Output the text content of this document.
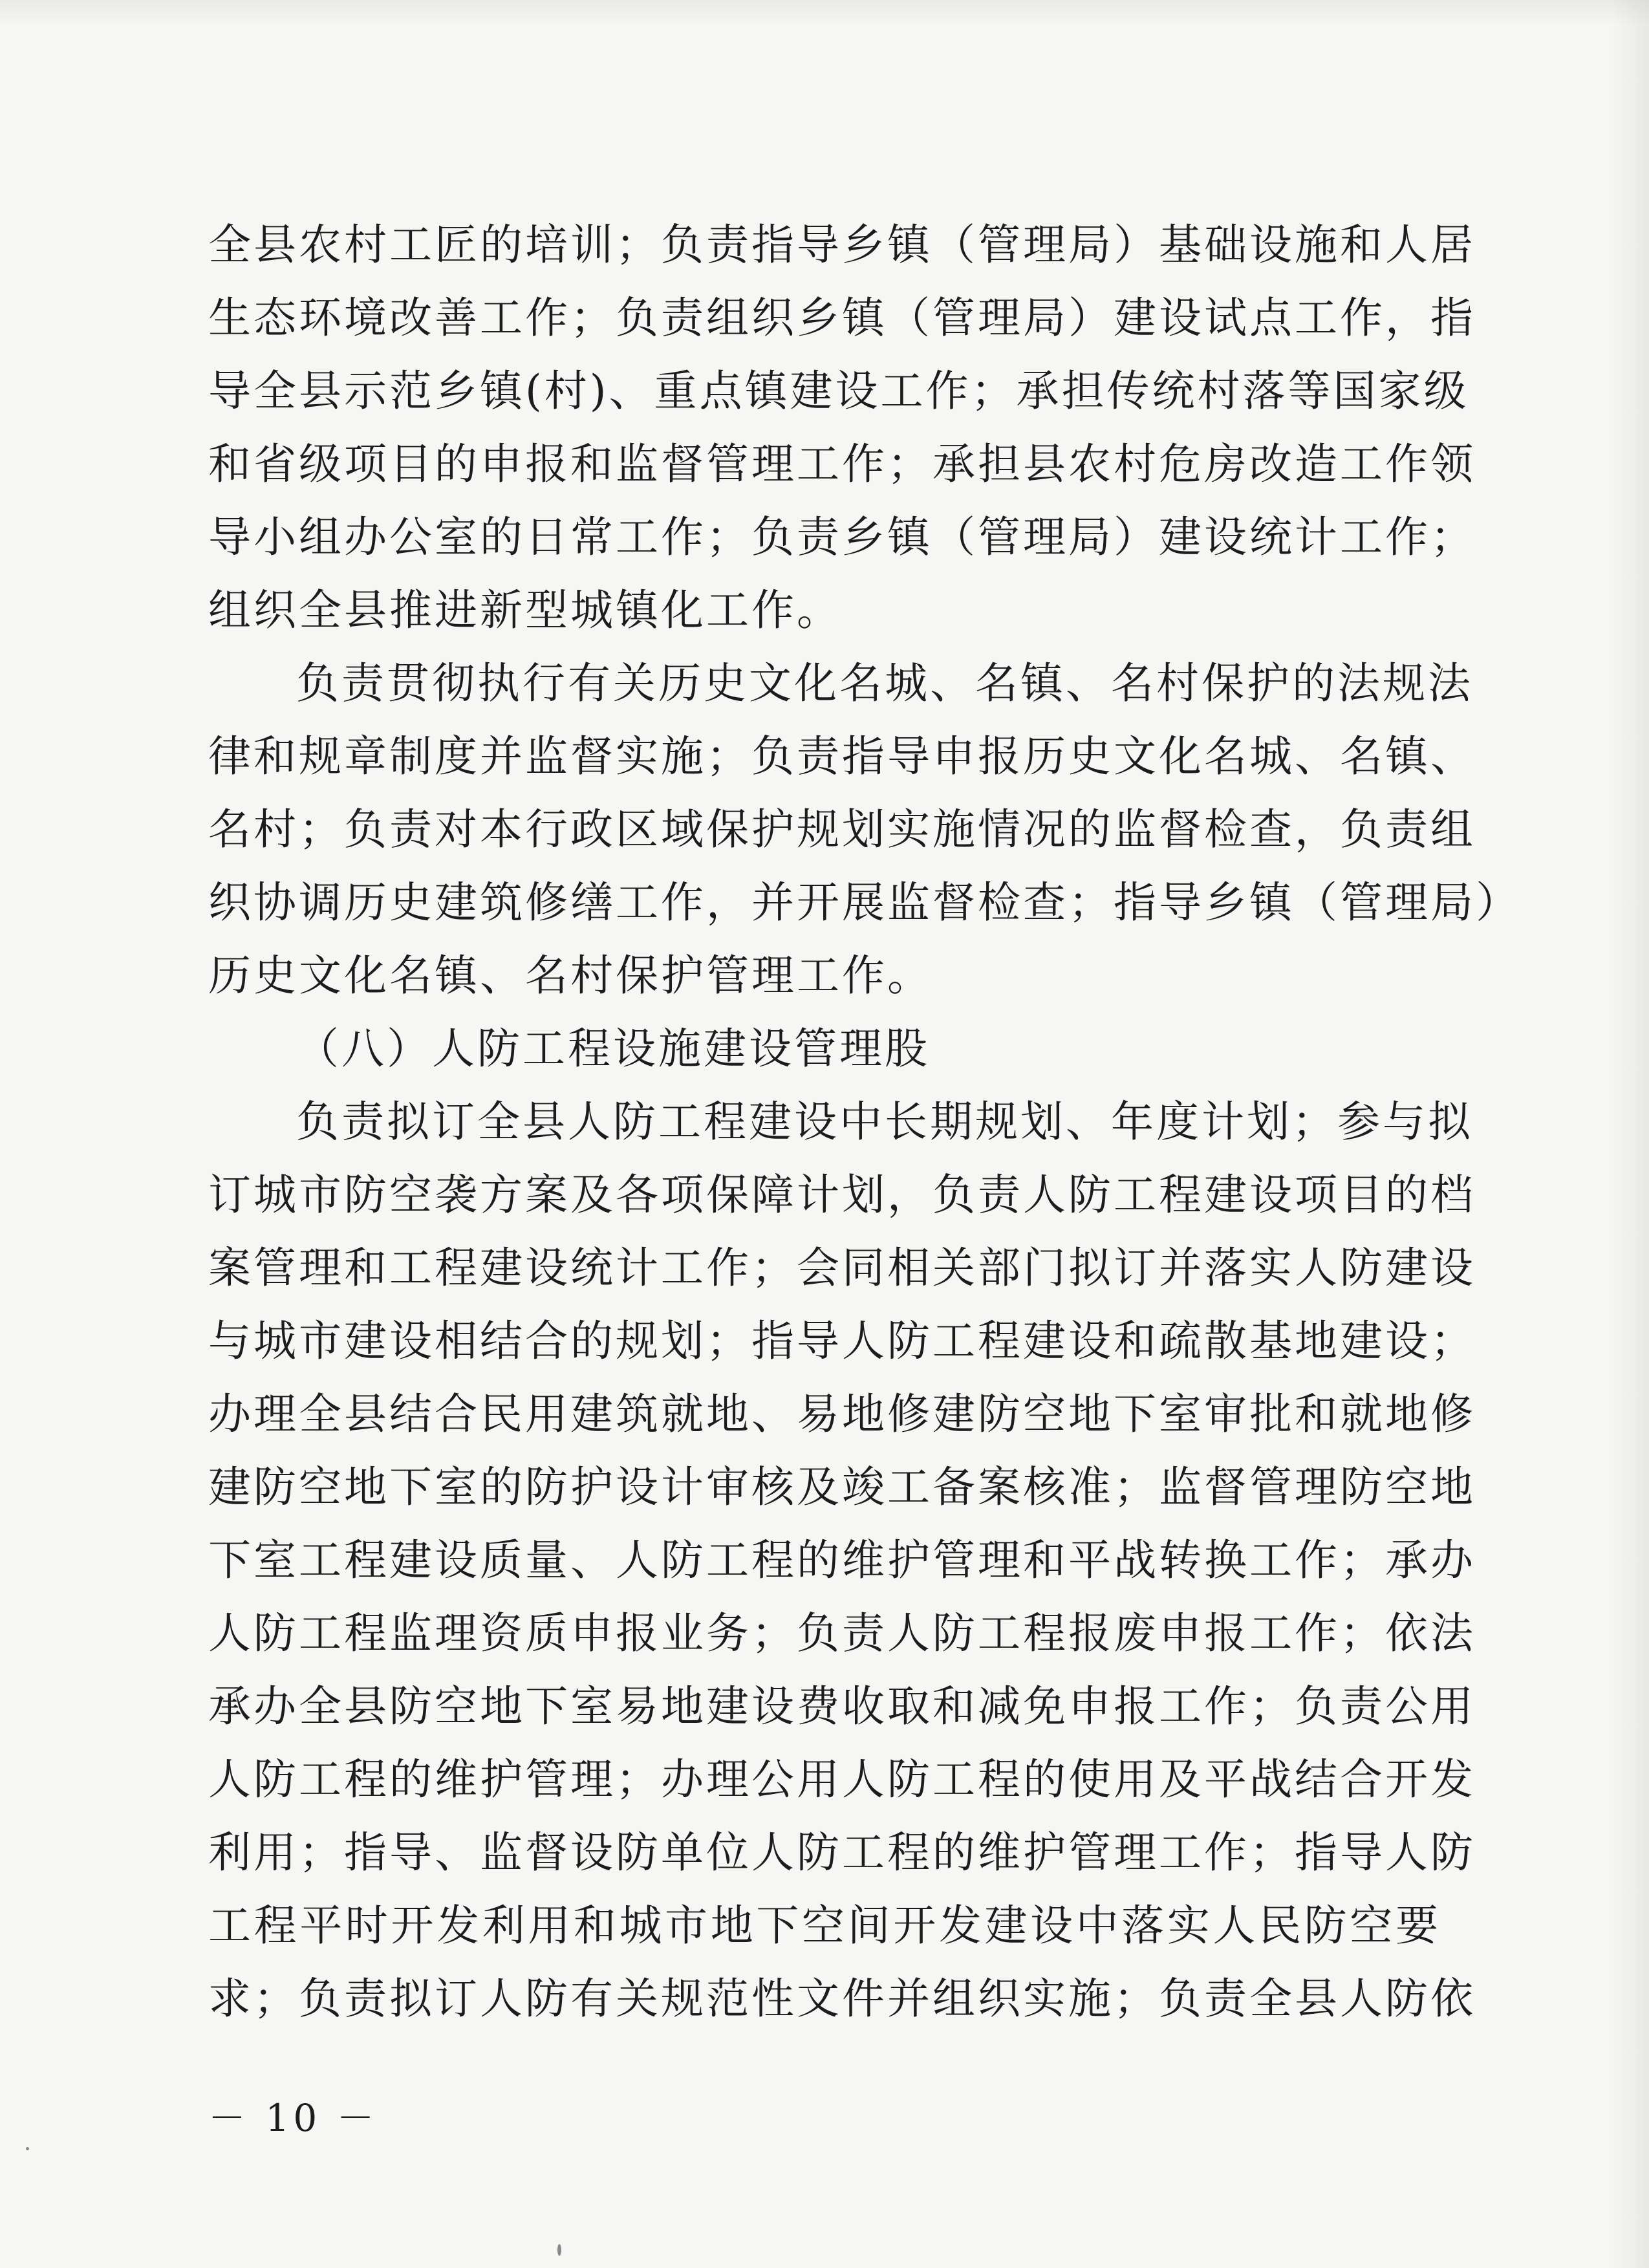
全县农村工匠的培训；负责指导乡镇（管理局）基础设施和人居
生态环境改善工作；负责组织乡镇（管理局）建设试点工作，指
导全县示范乡镇(村)、重点镇建设工作；承担传统村落等国家级
和省级项目的申报和监督管理工作；承担县农村危房改造工作领
导小组办公室的日常工作；负责乡镇（管理局）建设统计工作；
组织全县推进新型城镇化工作。
负责贯彻执行有关历史文化名城、名镇、名村保护的法规法
律和规章制度并监督实施；负责指导申报历史文化名城、名镇、
名村；负责对本行政区域保护规划实施情况的监督检查，负责组
织协调历史建筑修缮工作，并开展监督检查；指导乡镇（管理局）
历史文化名镇、名村保护管理工作。
（八）人防工程设施建设管理股
负责拟订全县人防工程建设中长期规划、年度计划；参与拟
订城市防空袭方案及各项保障计划，负责人防工程建设项目的档
案管理和工程建设统计工作；会同相关部门拟订并落实人防建设
与城市建设相结合的规划；指导人防工程建设和疏散基地建设；
办理全县结合民用建筑就地、易地修建防空地下室审批和就地修
建防空地下室的防护设计审核及竣工备案核准；监督管理防空地
下室工程建设质量、人防工程的维护管理和平战转换工作；承办
人防工程监理资质申报业务；负责人防工程报废申报工作；依法
承办全县防空地下室易地建设费收取和减免申报工作；负责公用
人防工程的维护管理；办理公用人防工程的使用及平战结合开发
利用；指导、监督设防单位人防工程的维护管理工作；指导人防
工程平时开发利用和城市地下空间开发建设中落实人民防空要
求；负责拟订人防有关规范性文件并组织实施；负责全县人防依
－ 10 －
